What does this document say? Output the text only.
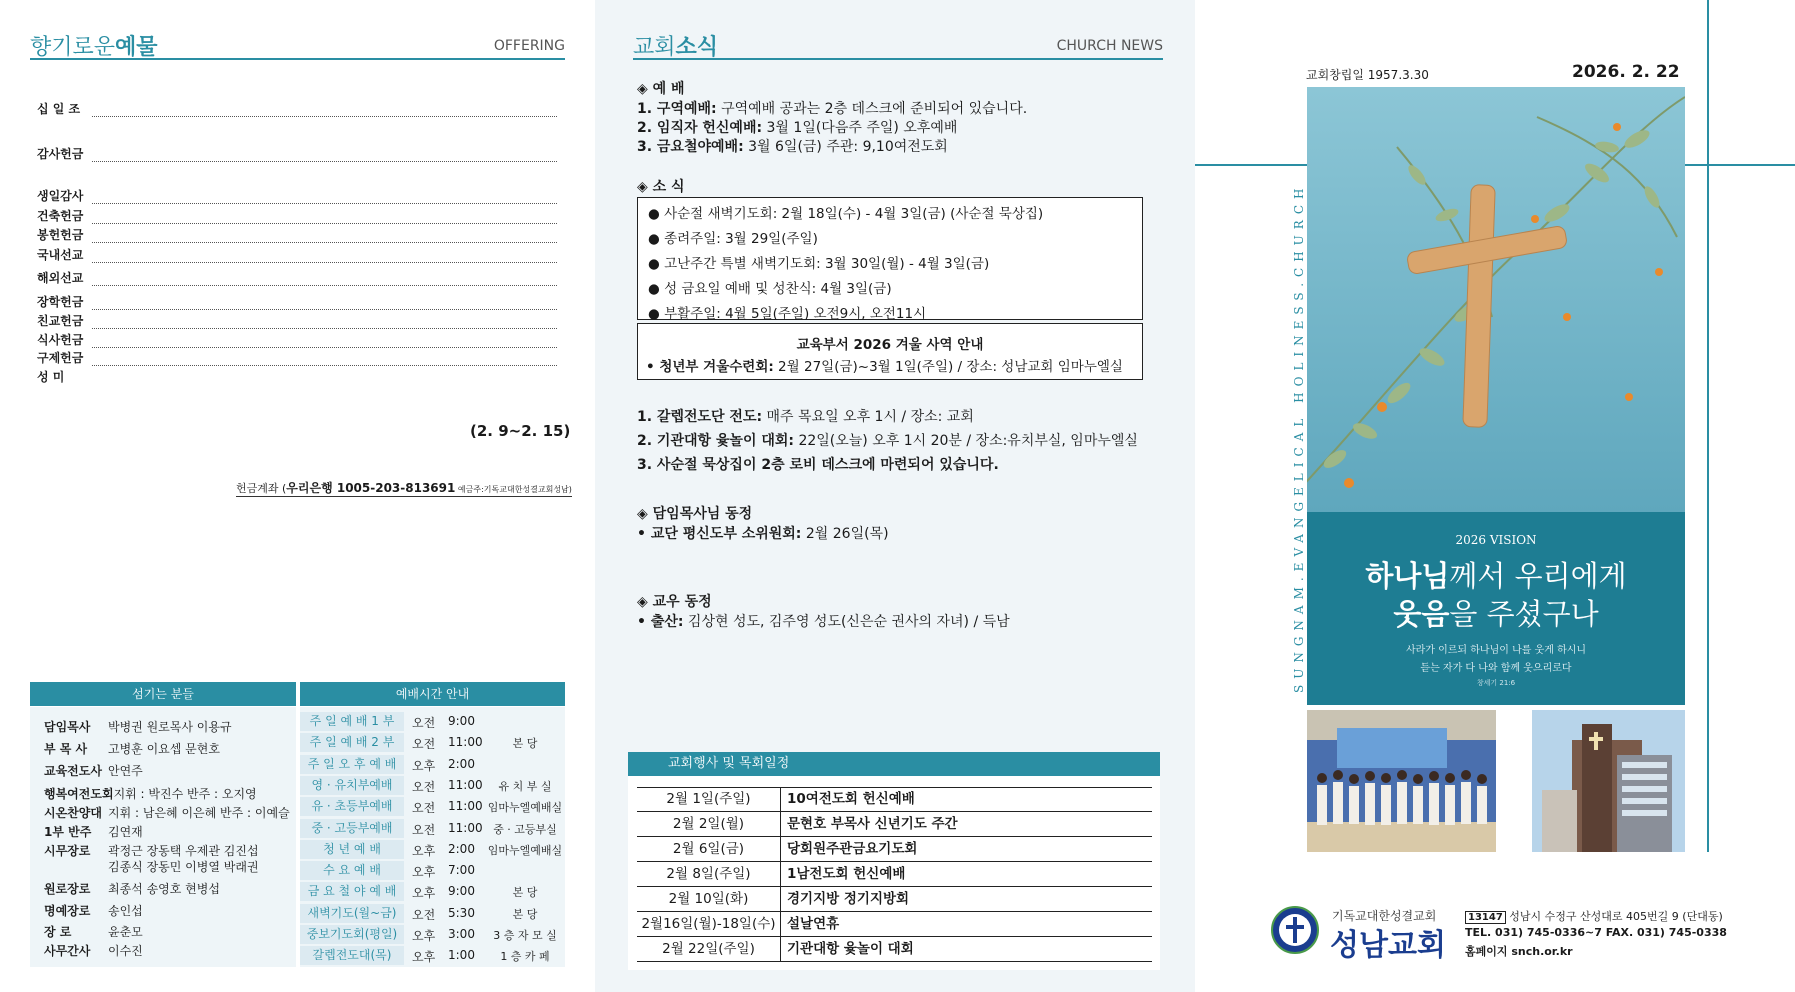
향기로운예물	OFFERING
십 일 조
감사헌금
생일감사
건축헌금
봉헌헌금
국내선교
해외선교
장학헌금
친교헌금
식사헌금
구제헌금
성 미
(2. 9~2. 15)
헌금계좌 (우리은행 1005-203-813691 예금주:기독교대한성결교회성남)
섬기는 분들
담임목사 박병권 원로목사 이용규
부 목 사 고병훈 이요셉 문현호
교육전도사 안연주
행복여전도회지휘 : 박진수 반주 : 오지영
시온찬양대 지휘 : 남은혜 이은혜 반주 : 이예슬
1부 반주 김연재
시무장로 곽정근 장동택 우제관 김진섭
김종식 장동민 이병열 박래권
원로장로 최종석 송영호 현병섭
명예장로 송인섭
장 로	윤춘모
사무간사 이수진
예배시간 안내
주 일 예 배 1 부	오전 9:00
주 일 예 배 2 부	오전 11:00	본 당
주 일 오 후 예 배	오후 2:00
영 · 유치부예배	오전 11:00	유 치 부 실
유 · 초등부예배	오전 11:00 임마누엘예배실
중 · 고등부예배	오전 11:00 중 · 고등부실
청 년 예 배	오후 2:00 임마누엘예배실
수 요 예 배	오후 7:00
금 요 철 야 예 배	오후 9:00	본 당
새벽기도(월~금)	오전 5:30	본 당
중보기도회(평일)	오후 3:00	3 층 자 모 실
갈렙전도대(목)	오후 1:00	1 층 카 페
교회소식	CHURCH NEWS
◈ 예 배
1. 구역예배: 구역예배 공과는 2층 데스크에 준비되어 있습니다.
2. 임직자 헌신예배: 3월 1일(다음주 주일) 오후예배
3. 금요철야예배: 3월 6일(금) 주관: 9,10여전도회
◈ 소 식
● 사순절 새벽기도회: 2월 18일(수) - 4월 3일(금) (사순절 묵상집)
● 종려주일: 3월 29일(주일)
● 고난주간 특별 새벽기도회: 3월 30일(월) - 4월 3일(금)
● 성 금요일 예배 및 성찬식: 4월 3일(금)
● 부활주일: 4월 5일(주일) 오전9시, 오전11시
교육부서 2026 겨울 사역 안내
• 청년부 겨울수련회: 2월 27일(금)~3월 1일(주일) / 장소: 성남교회 임마누엘실
1. 갈렙전도단 전도: 매주 목요일 오후 1시 / 장소: 교회
2. 기관대항 윷놀이 대회: 22일(오늘) 오후 1시 20분 / 장소:유치부실, 임마누엘실
3. 사순절 묵상집이 2층 로비 데스크에 마련되어 있습니다.
◈ 담임목사님 동정
• 교단 평신도부 소위원회: 2월 26일(목)
◈ 교우 동정
• 출산: 김상현 성도, 김주영 성도(신은순 권사의 자녀) / 득남
교회행사 및 목회일정
2월 1일(주일)	10여전도회 헌신예배
2월 2일(월)	문현호 부목사 신년기도 주간
2월 6일(금)	당회원주관금요기도회
2월 8일(주일)	1남전도회 헌신예배
2월 10일(화)	경기지방 정기지방회
2월16일(월)-18일(수) 설날연휴
2월 22일(주일)	기관대항 윷놀이 대회
교회창립일 1957.3.30	2026. 2. 22
SUNGNAM.EVANGELICAL HOLINESS.CHURCH	2026 VISION
하나님께서 우리에게
웃음을 주셨구나
사라가 이르되 하나님이 나를 웃게 하시니
듣는 자가 다 나와 함께 웃으리로다
창세기 21:6
기독교대한성결교회
성남교회
13147 성남시 수정구 산성대로 405번길 9 (단대동)
TEL. 031) 745-0336~7 FAX. 031) 745-0338
홈페이지 snch.or.kr
